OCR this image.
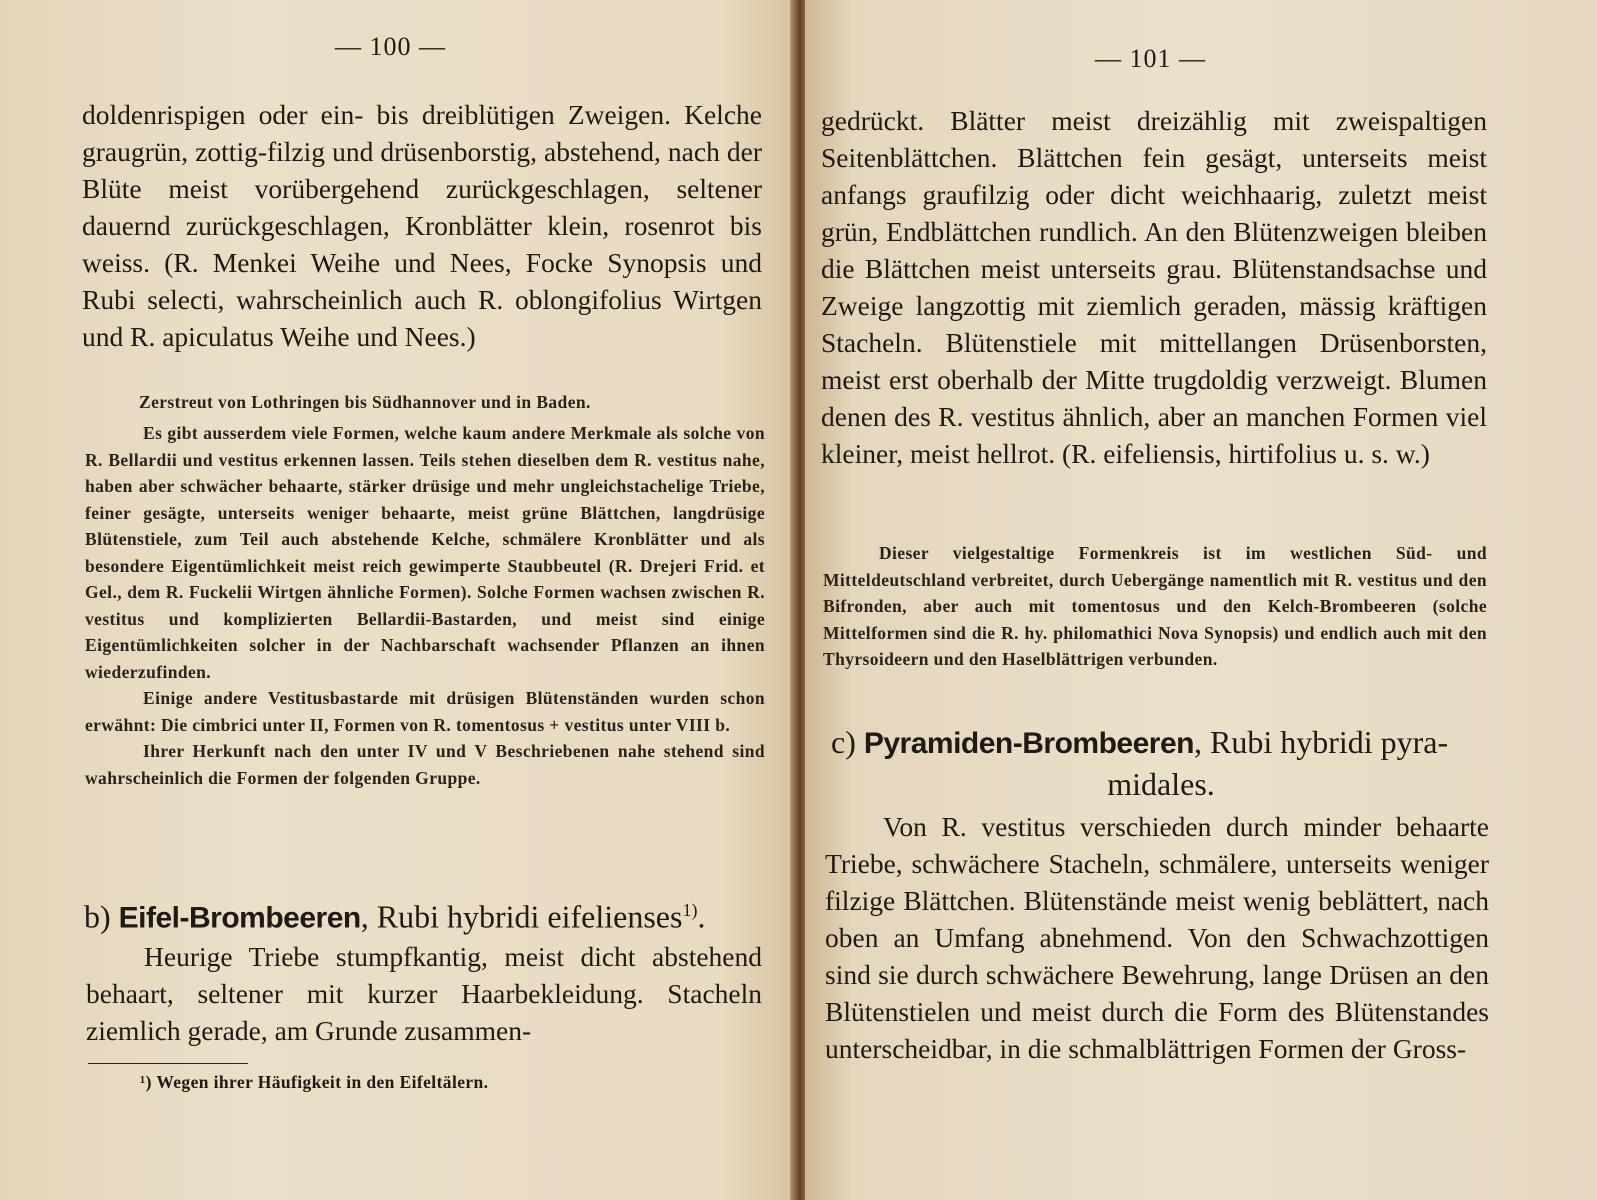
— 100 —

doldenrispigen oder ein- bis dreiblütigen Zweigen. Kelche graugrün, zottig-filzig und drüsenborstig, abstehend, nach der Blüte meist vorübergehend zurückgeschlagen, seltener dauernd zurückgeschlagen, Kronblätter klein, rosenrot bis weiss. (R. Menkei Weihe und Nees, Focke Synopsis und Rubi selecti, wahrscheinlich auch R. oblongifolius Wirtgen und R. apiculatus Weihe und Nees.)

Zerstreut von Lothringen bis Südhannover und in Baden.

Es gibt ausserdem viele Formen, welche kaum andere Merkmale als solche von R. Bellardii und vestitus erkennen lassen. Teils stehen dieselben dem R. vestitus nahe, haben aber schwächer behaarte, stärker drüsige und mehr ungleichstachelige Triebe, feiner gesägte, unterseits weniger behaarte, meist grüne Blättchen, langdrüsige Blütenstiele, zum Teil auch abstehende Kelche, schmälere Kronblätter und als besondere Eigentümlichkeit meist reich gewimperte Staubbeutel (R. Drejeri Frid. et Gel., dem R. Fuckelii Wirtgen ähnliche Formen). Solche Formen wachsen zwischen R. vestitus und komplizierten Bellardii-Bastarden, und meist sind einige Eigentümlichkeiten solcher in der Nachbarschaft wachsender Pflanzen an ihnen wiederzufinden.

Einige andere Vestitusbastarde mit drüsigen Blütenständen wurden schon erwähnt: Die cimbrici unter II, Formen von R. tomentosus + vestitus unter VIII b.

Ihrer Herkunft nach den unter IV und V Beschriebenen nahe stehend sind wahrscheinlich die Formen der folgenden Gruppe.

b) Eifel-Brombeeren, Rubi hybridi eifelienses$^{1)}$.

Heurige Triebe stumpfkantig, meist dicht abstehend behaart, seltener mit kurzer Haarbekleidung. Stacheln ziemlich gerade, am Grunde zusammen-

¹) Wegen ihrer Häufigkeit in den Eifeltälern.
— 101 —

gedrückt. Blätter meist dreizählig mit zweispaltigen Seitenblättchen. Blättchen fein gesägt, unterseits meist anfangs graufilzig oder dicht weichhaarig, zuletzt meist grün, Endblättchen rundlich. An den Blütenzweigen bleiben die Blättchen meist unterseits grau. Blütenstandsachse und Zweige langzottig mit ziemlich geraden, mässig kräftigen Stacheln. Blütenstiele mit mittellangen Drüsenborsten, meist erst oberhalb der Mitte trugdoldig verzweigt. Blumen denen des R. vestitus ähnlich, aber an manchen Formen viel kleiner, meist hellrot. (R. eifeliensis, hirtifolius u. s. w.)

Dieser vielgestaltige Formenkreis ist im westlichen Süd- und Mitteldeutschland verbreitet, durch Uebergänge namentlich mit R. vestitus und den Bifronden, aber auch mit tomentosus und den Kelch-Brombeeren (solche Mittelformen sind die R. hy. philomathici Nova Synopsis) und endlich auch mit den Thyrsoideern und den Haselblättrigen verbunden.

c) Pyramiden-Brombeeren, Rubi hybridi pyra-
midales.

Von R. vestitus verschieden durch minder behaarte Triebe, schwächere Stacheln, schmälere, unterseits weniger filzige Blättchen. Blütenstände meist wenig beblättert, nach oben an Umfang abnehmend. Von den Schwachzottigen sind sie durch schwächere Bewehrung, lange Drüsen an den Blütenstielen und meist durch die Form des Blütenstandes unterscheidbar, in die schmalblättrigen Formen der Gross-
